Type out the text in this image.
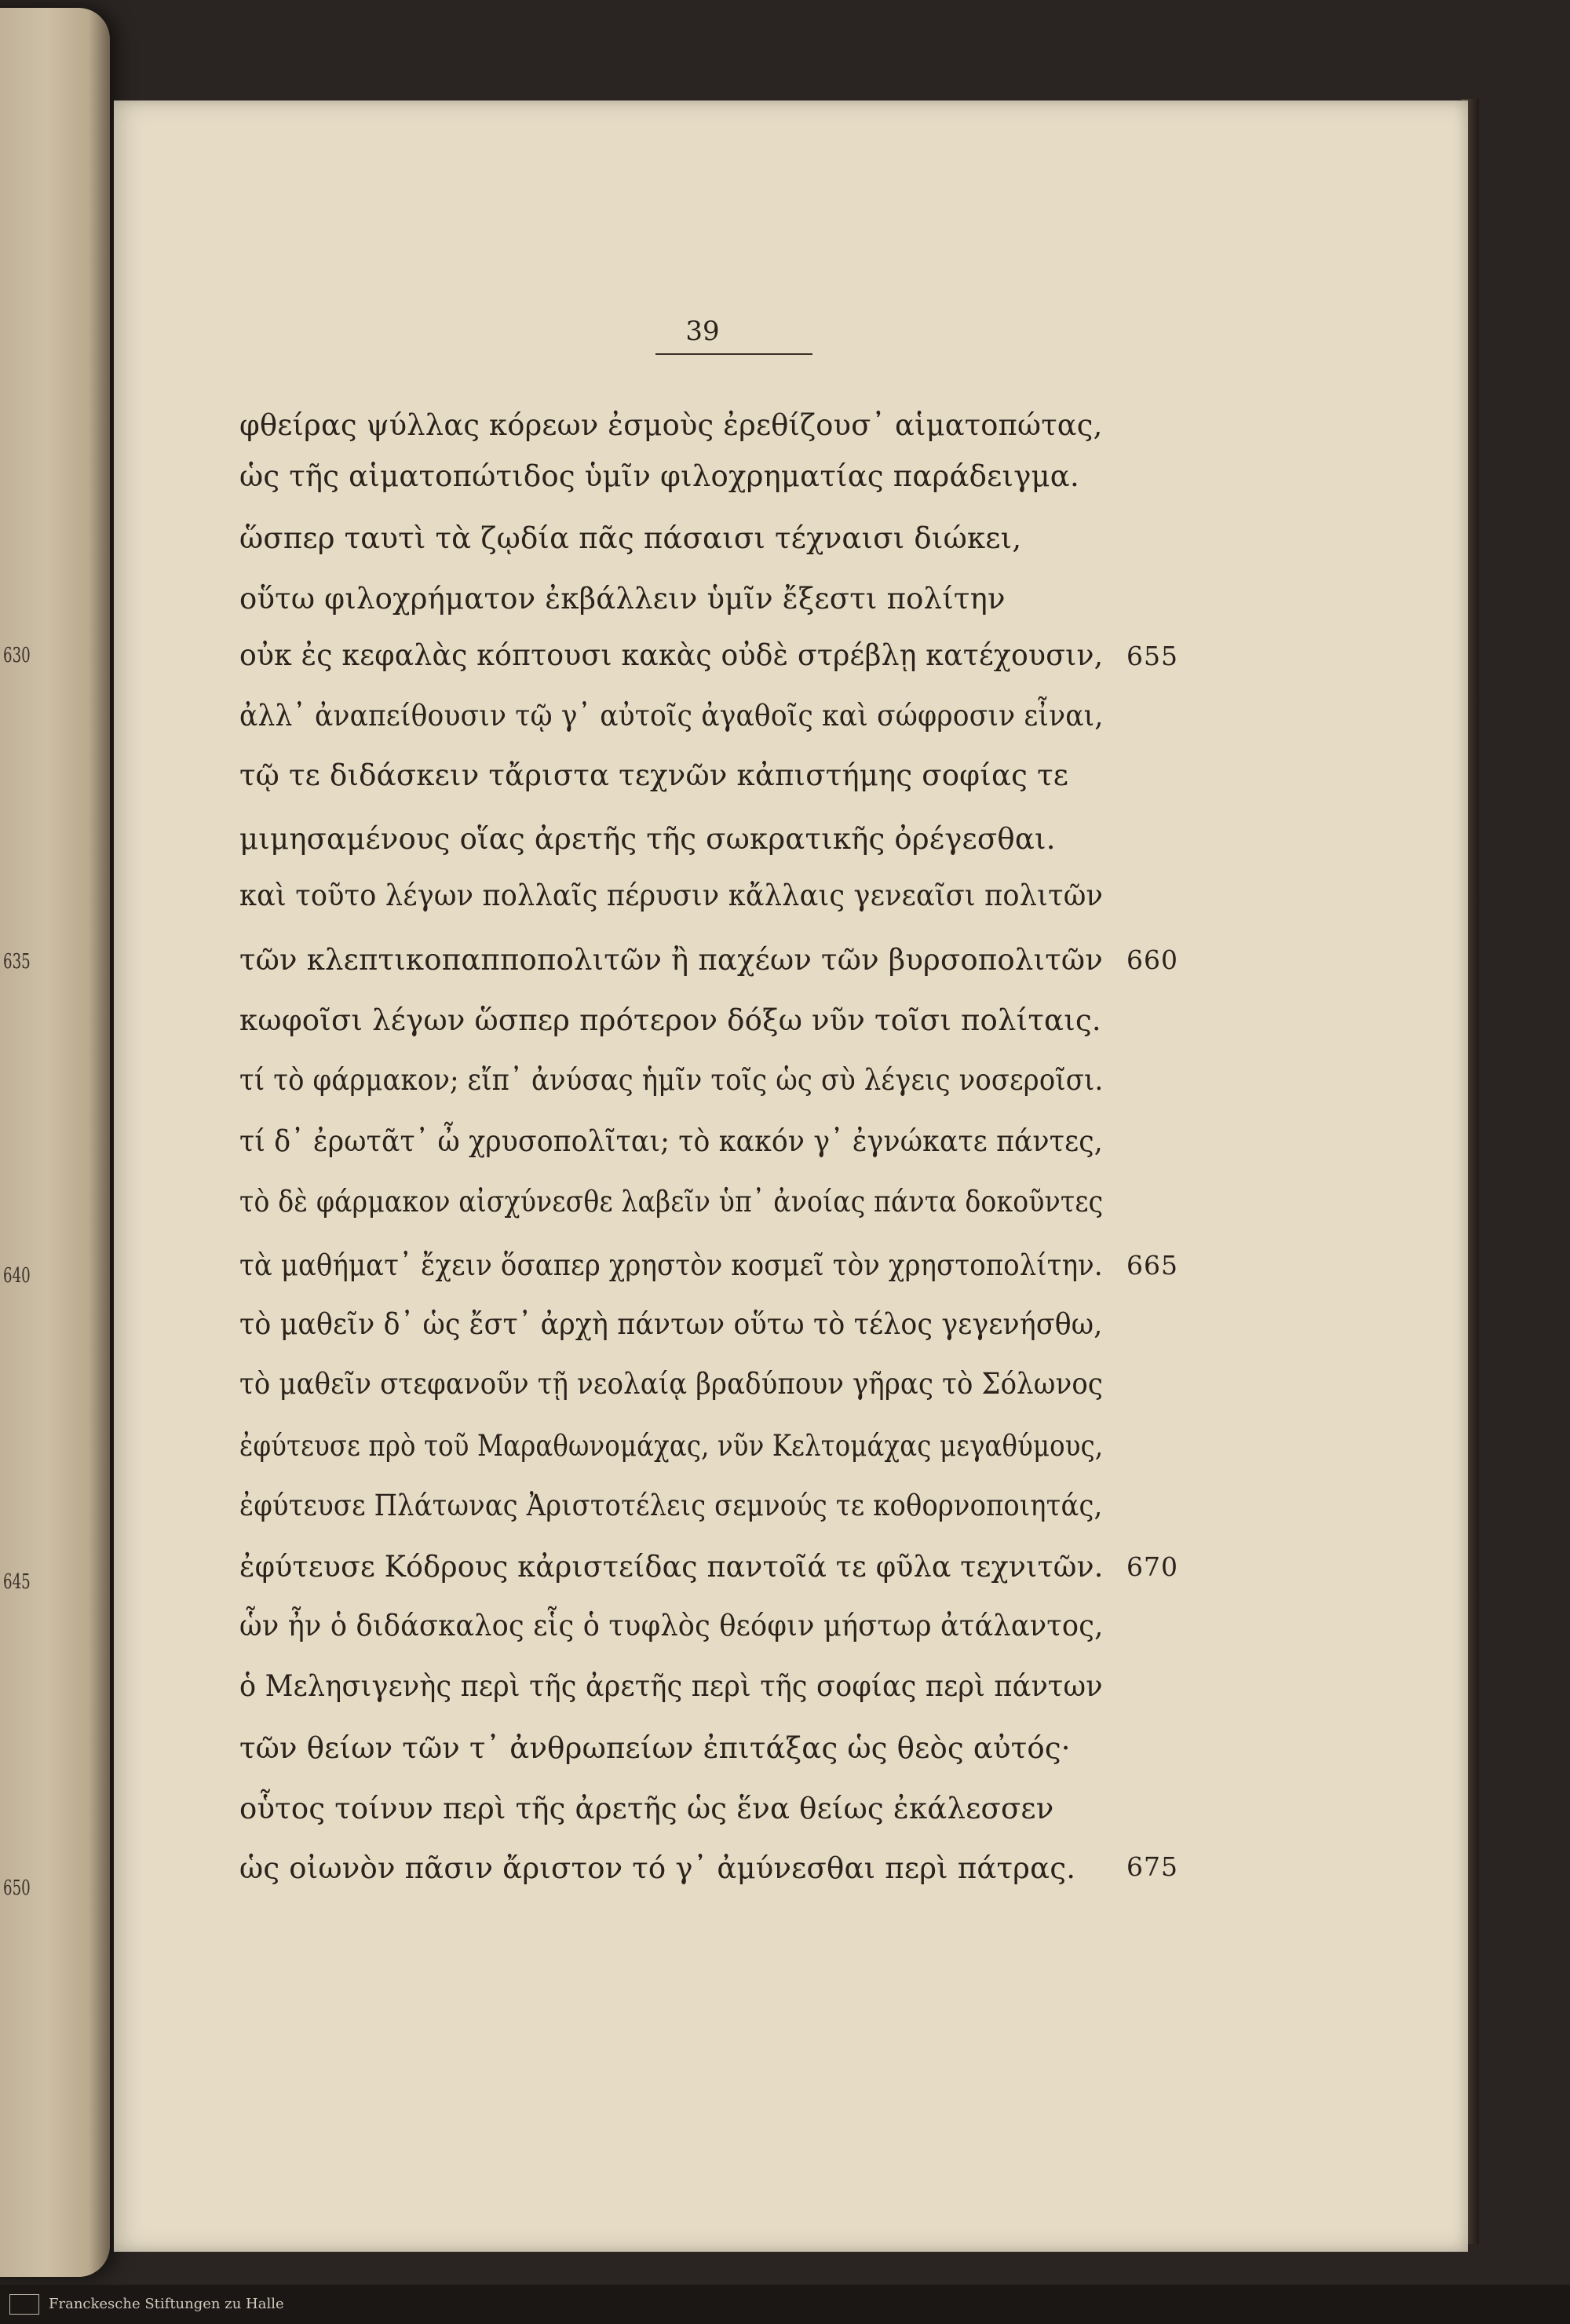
630
635
640
645
650
39
φθείρας ψύλλας κόρεων ἐσμοὺς ἐρεθίζουσ᾽ αἱματοπώτας,
ὡς τῆς αἱματοπώτιδος ὑμῖν φιλοχρηματίας παράδειγμα.
ὥσπερ ταυτὶ τὰ ζῳδία πᾶς πάσαισι τέχναισι διώκει,
οὕτω φιλοχρήματον ἐκβάλλειν ὑμῖν ἔξεστι πολίτην
οὐκ ἐς κεφαλὰς κόπτουσι κακὰς οὐδὲ στρέβλῃ κατέχουσιν,
ἀλλ᾽ ἀναπείθουσιν τῷ γ᾽ αὐτοῖς ἀγαθοῖς καὶ σώφροσιν εἶναι,
τῷ τε διδάσκειν τἄριστα τεχνῶν κἀπιστήμης σοφίας τε
μιμησαμένους οἵας ἀρετῆς τῆς σωκρατικῆς ὀρέγεσθαι.
καὶ τοῦτο λέγων πολλαῖς πέρυσιν κἄλλαις γενεαῖσι πολιτῶν
τῶν κλεπτικοπαπποπολιτῶν ἢ παχέων τῶν βυρσοπολιτῶν
κωφοῖσι λέγων ὥσπερ πρότερον δόξω νῦν τοῖσι πολίταις.
τί τὸ φάρμακον; εἴπ᾽ ἀνύσας ἡμῖν τοῖς ὡς σὺ λέγεις νοσεροῖσι.
τί δ᾽ ἐρωτᾶτ᾽ ὦ χρυσοπολῖται; τὸ κακόν γ᾽ ἐγνώκατε πάντες,
τὸ δὲ φάρμακον αἰσχύνεσθε λαβεῖν ὑπ᾽ ἀνοίας πάντα δοκοῦντες
τὰ μαθήματ᾽ ἔχειν ὅσαπερ χρηστὸν κοσμεῖ τὸν χρηστοπολίτην.
τὸ μαθεῖν δ᾽ ὡς ἔστ᾽ ἀρχὴ πάντων οὕτω τὸ τέλος γεγενήσθω,
τὸ μαθεῖν στεφανοῦν τῇ νεολαίᾳ βραδύπουν γῆρας τὸ Σόλωνος
ἐφύτευσε πρὸ τοῦ Μαραθωνομάχας, νῦν Κελτομάχας μεγαθύμους,
ἐφύτευσε Πλάτωνας Ἀριστοτέλεις σεμνούς τε κοθορνοποιητάς,
ἐφύτευσε Κόδρους κἀριστείδας παντοῖά τε φῦλα τεχνιτῶν.
ὧν ἦν ὁ διδάσκαλος εἷς ὁ τυφλὸς θεόφιν μήστωρ ἀτάλαντος,
ὁ Μελησιγενὴς περὶ τῆς ἀρετῆς περὶ τῆς σοφίας περὶ πάντων
τῶν θείων τῶν τ᾽ ἀνθρωπείων ἐπιτάξας ὡς θεὸς αὐτός·
οὗτος τοίνυν περὶ τῆς ἀρετῆς ὡς ἕνα θείως ἐκάλεσσεν
ὡς οἰωνὸν πᾶσιν ἄριστον τό γ᾽ ἀμύνεσθαι περὶ πάτρας.
655
660
665
670
675
Franckesche Stiftungen zu Halle
